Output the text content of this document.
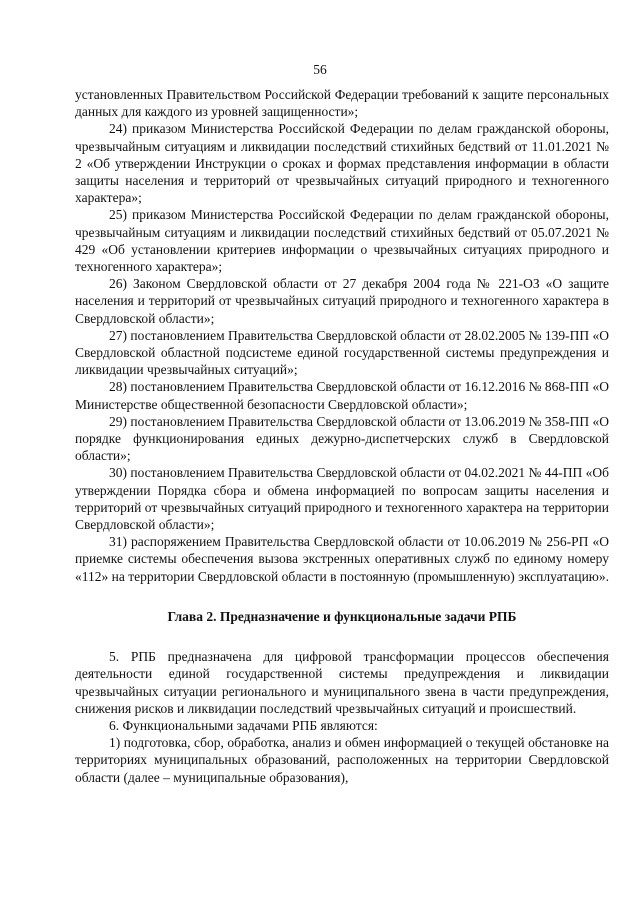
56

установленных Правительством Российской Федерации требований к защите персональных данных для каждого из уровней защищенности»;

24) приказом Министерства Российской Федерации по делам гражданской обороны, чрезвычайным ситуациям и ликвидации последствий стихийных бедствий от 11.01.2021 № 2 «Об утверждении Инструкции о сроках и формах представления информации в области защиты населения и территорий от чрезвычайных ситуаций природного и техногенного характера»;

25) приказом Министерства Российской Федерации по делам гражданской обороны, чрезвычайным ситуациям и ликвидации последствий стихийных бедствий от 05.07.2021 № 429 «Об установлении критериев информации о чрезвычайных ситуациях природного и техногенного характера»;

26) Законом Свердловской области от 27 декабря 2004 года № 221-ОЗ «О защите населения и территорий от чрезвычайных ситуаций природного и техногенного характера в Свердловской области»;

27) постановлением Правительства Свердловской области от 28.02.2005 № 139-ПП «О Свердловской областной подсистеме единой государственной системы предупреждения и ликвидации чрезвычайных ситуаций»;

28) постановлением Правительства Свердловской области от 16.12.2016 № 868-ПП «О Министерстве общественной безопасности Свердловской области»;

29) постановлением Правительства Свердловской области от 13.06.2019 № 358-ПП «О порядке функционирования единых дежурно-диспетчерских служб в Свердловской области»;

30) постановлением Правительства Свердловской области от 04.02.2021 № 44-ПП «Об утверждении Порядка сбора и обмена информацией по вопросам защиты населения и территорий от чрезвычайных ситуаций природного и техногенного характера на территории Свердловской области»;

31) распоряжением Правительства Свердловской области от 10.06.2019 № 256-РП «О приемке системы обеспечения вызова экстренных оперативных служб по единому номеру «112» на территории Свердловской области в постоянную (промышленную) эксплуатацию».

Глава 2. Предназначение и функциональные задачи РПБ

5. РПБ предназначена для цифровой трансформации процессов обеспечения деятельности единой государственной системы предупреждения и ликвидации чрезвычайных ситуации регионального и муниципального звена в части предупреждения, снижения рисков и ликвидации последствий чрезвычайных ситуаций и происшествий.

6. Функциональными задачами РПБ являются:

1) подготовка, сбор, обработка, анализ и обмен информацией о текущей обстановке на территориях муниципальных образований, расположенных на территории Свердловской области (далее – муниципальные образования),
